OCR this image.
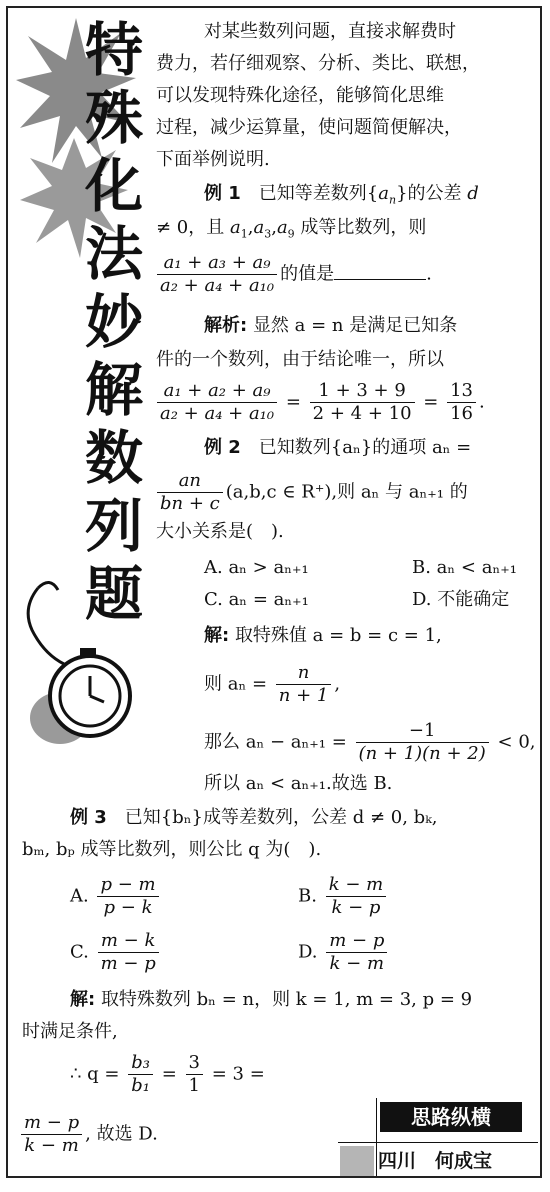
特
殊
化
法
妙
解
数
列
题
对某些数列问题，直接求解费时
费力，若仔细观察、分析、类比、联想，
可以发现特殊化途径，能够简化思维
过程，减少运算量，使问题简便解决，
下面举例说明.
例 1　 已知等差数列$\{a_n\}$的公差 d
≠ 0，且 $a_1,a_3,a_9$ 成等比数列，则
$\frac{\text{a₁ + a₃ + a₉}}{\text{a₂ + a₄ + a₁₀}}$ 的值是	.
解析: 显然 a = n 是满足已知条
件的一个数列，由于结论唯一，所以
$\frac{\text{a₁ + a₂ + a₉}}{\text{a₂ + a₄ + a₁₀}} = \frac{1 + 3 + 9}{2 + 4 + 10} = \frac{13}{16}$ .
例 2　 已知数列{aₙ}的通项 aₙ =
$\frac{an}{bn + c} (a,b,c$ ∈ R⁺),则 aₙ 与 aₙ₊₁ 的
大小关系是(　).
A. aₙ > aₙ₊₁	B. aₙ < aₙ₊₁
C. aₙ = aₙ₊₁	D. 不能确定
解: 取特殊值 a = b = c = 1,
则 $a_n = \frac{n}{n + 1}$ ,
那么 $a_n - a_{n+1} = \frac{-1}{(n + 1)(n + 2)} < 0$,
所以 aₙ < aₙ₊₁.故选 B.
例 3　 已知{bₙ}成等差数列，公差 d ≠ 0, bₖ,
bₘ, bₚ 成等比数列，则公比 q 为(　).
A. $\frac{p - m}{p - k}$	B. $\frac{k - m}{k - p}$
C. $\frac{m - k}{m - p}$	D. $\frac{m - p}{k - m}$
解: 取特殊数列 bₙ = n，则 k = 1, m = 3, p = 9
时满足条件,
∴ $q = \frac{\text{b₃}}{\text{b₁}} = \frac{3}{1} = 3$ =
$\frac{m - p}{k - m}$ , 故选 D.
思路纵横
四川　何成宝
